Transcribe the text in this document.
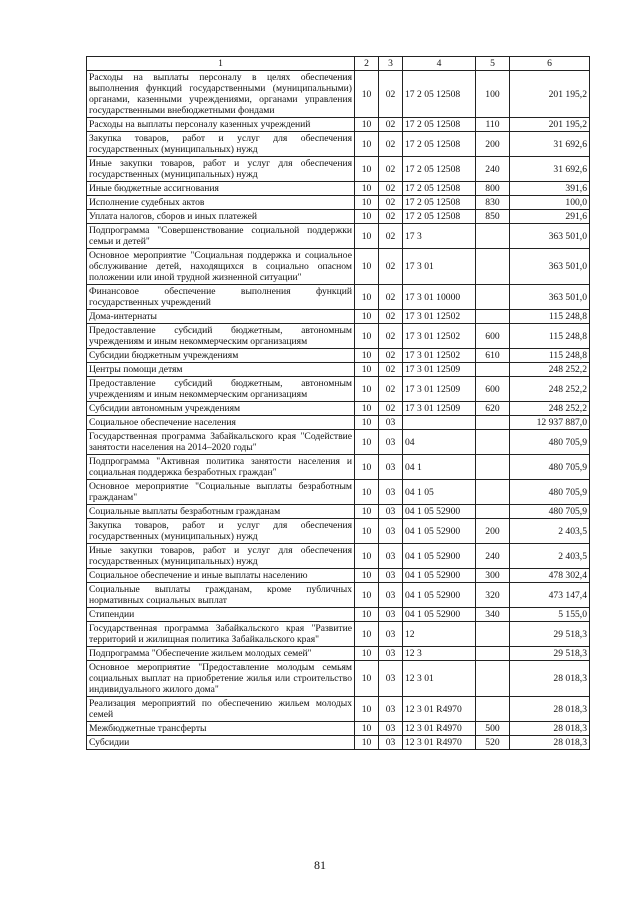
1	2	3	4	5	6
Расходы на выплаты персоналу в целях обеспечения выполнения функций государственными (муниципальными) органами, казенными учреждениями, органами управления государственными внебюджетными фондами	10	02	17 2 05 12508	100	201 195,2
Расходы на выплаты персоналу казенных учреждений	10	02	17 2 05 12508	110	201 195,2
Закупка товаров, работ и услуг для обеспечения государственных (муниципальных) нужд	10	02	17 2 05 12508	200	31 692,6
Иные закупки товаров, работ и услуг для обеспечения государственных (муниципальных) нужд	10	02	17 2 05 12508	240	31 692,6
Иные бюджетные ассигнования	10	02	17 2 05 12508	800	391,6
Исполнение судебных актов	10	02	17 2 05 12508	830	100,0
Уплата налогов, сборов и иных платежей	10	02	17 2 05 12508	850	291,6
Подпрограмма "Совершенствование социальной поддержки семьи и детей"	10	02	17 3		363 501,0
Основное мероприятие "Социальная поддержка и социальное обслуживание детей, находящихся в социально опасном положении или иной трудной жизненной ситуации"	10	02	17 3 01		363 501,0
Финансовое обеспечение выполнения функций государственных учреждений	10	02	17 3 01 10000		363 501,0
Дома-интернаты	10	02	17 3 01 12502		115 248,8
Предоставление субсидий бюджетным, автономным учреждениям и иным некоммерческим организациям	10	02	17 3 01 12502	600	115 248,8
Субсидии бюджетным учреждениям	10	02	17 3 01 12502	610	115 248,8
Центры помощи детям	10	02	17 3 01 12509		248 252,2
Предоставление субсидий бюджетным, автономным учреждениям и иным некоммерческим организациям	10	02	17 3 01 12509	600	248 252,2
Субсидии автономным учреждениям	10	02	17 3 01 12509	620	248 252,2
Социальное обеспечение населения	10	03			12 937 887,0
Государственная программа Забайкальского края "Содействие занятости населения на 2014–2020 годы"	10	03	04		480 705,9
Подпрограмма "Активная политика занятости населения и социальная поддержка безработных граждан"	10	03	04 1		480 705,9
Основное мероприятие "Социальные выплаты безработным гражданам"	10	03	04 1 05		480 705,9
Социальные выплаты безработным гражданам	10	03	04 1 05 52900		480 705,9
Закупка товаров, работ и услуг для обеспечения государственных (муниципальных) нужд	10	03	04 1 05 52900	200	2 403,5
Иные закупки товаров, работ и услуг для обеспечения государственных (муниципальных) нужд	10	03	04 1 05 52900	240	2 403,5
Социальное обеспечение и иные выплаты населению	10	03	04 1 05 52900	300	478 302,4
Социальные выплаты гражданам, кроме публичных нормативных социальных выплат	10	03	04 1 05 52900	320	473 147,4
Стипендии	10	03	04 1 05 52900	340	5 155,0
Государственная программа Забайкальского края "Развитие территорий и жилищная политика Забайкальского края"	10	03	12		29 518,3
Подпрограмма "Обеспечение жильем молодых семей"	10	03	12 3		29 518,3
Основное мероприятие "Предоставление молодым семьям социальных выплат на приобретение жилья или строительство индивидуального жилого дома"	10	03	12 3 01		28 018,3
Реализация мероприятий по обеспечению жильем молодых семей	10	03	12 3 01 R4970		28 018,3
Межбюджетные трансферты	10	03	12 3 01 R4970	500	28 018,3
Субсидии	10	03	12 3 01 R4970	520	28 018,3
81
